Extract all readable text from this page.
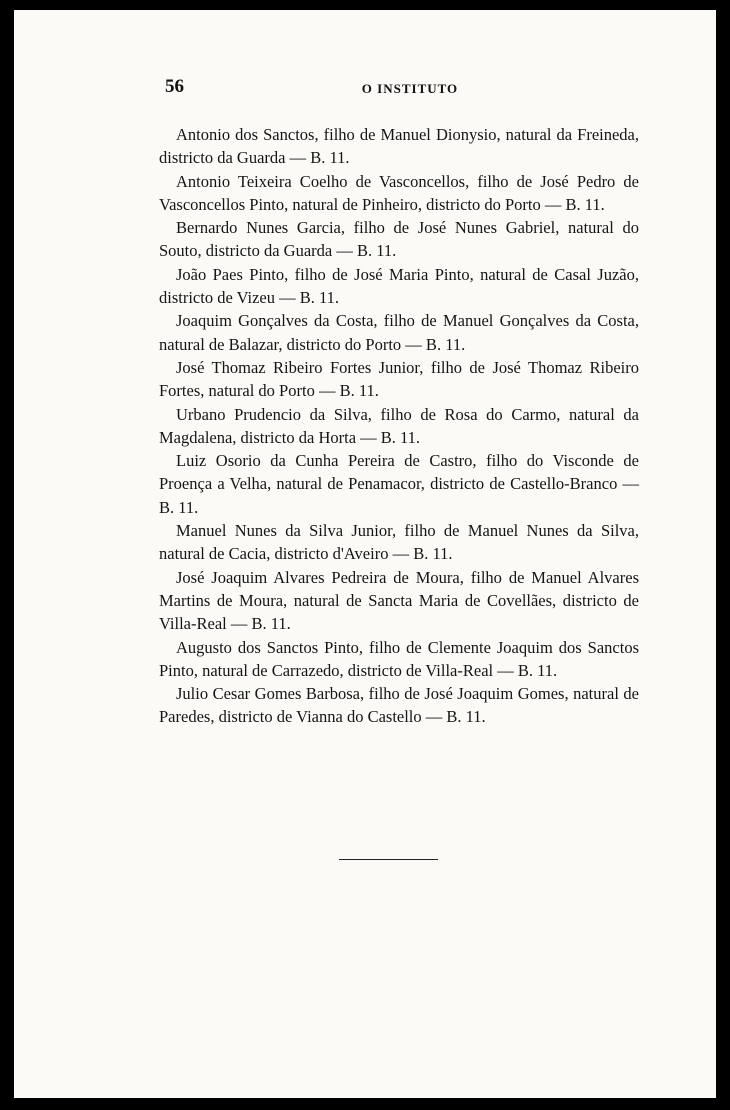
56	O INSTITUTO

Antonio dos Sanctos, filho de Manuel Dionysio, natural da Freineda, districto da Guarda — B. 11.

Antonio Teixeira Coelho de Vasconcellos, filho de José Pedro de Vasconcellos Pinto, natural de Pinheiro, districto do Porto — B. 11.

Bernardo Nunes Garcia, filho de José Nunes Gabriel, natural do Souto, districto da Guarda — B. 11.

João Paes Pinto, filho de José Maria Pinto, natural de Casal Juzão, districto de Vizeu — B. 11.

Joaquim Gonçalves da Costa, filho de Manuel Gonçalves da Costa, natural de Balazar, districto do Porto — B. 11.

José Thomaz Ribeiro Fortes Junior, filho de José Thomaz Ribeiro Fortes, natural do Porto — B. 11.

Urbano Prudencio da Silva, filho de Rosa do Carmo, natural da Magdalena, districto da Horta — B. 11.

Luiz Osorio da Cunha Pereira de Castro, filho do Visconde de Proença a Velha, natural de Penamacor, districto de Castello-Branco — B. 11.

Manuel Nunes da Silva Junior, filho de Manuel Nunes da Silva, natural de Cacia, districto d'Aveiro — B. 11.

José Joaquim Alvares Pedreira de Moura, filho de Manuel Alvares Martins de Moura, natural de Sancta Maria de Covellães, districto de Villa-Real — B. 11.

Augusto dos Sanctos Pinto, filho de Clemente Joaquim dos Sanctos Pinto, natural de Carrazedo, districto de Villa-Real — B. 11.

Julio Cesar Gomes Barbosa, filho de José Joaquim Gomes, natural de Paredes, districto de Vianna do Castello — B. 11.
